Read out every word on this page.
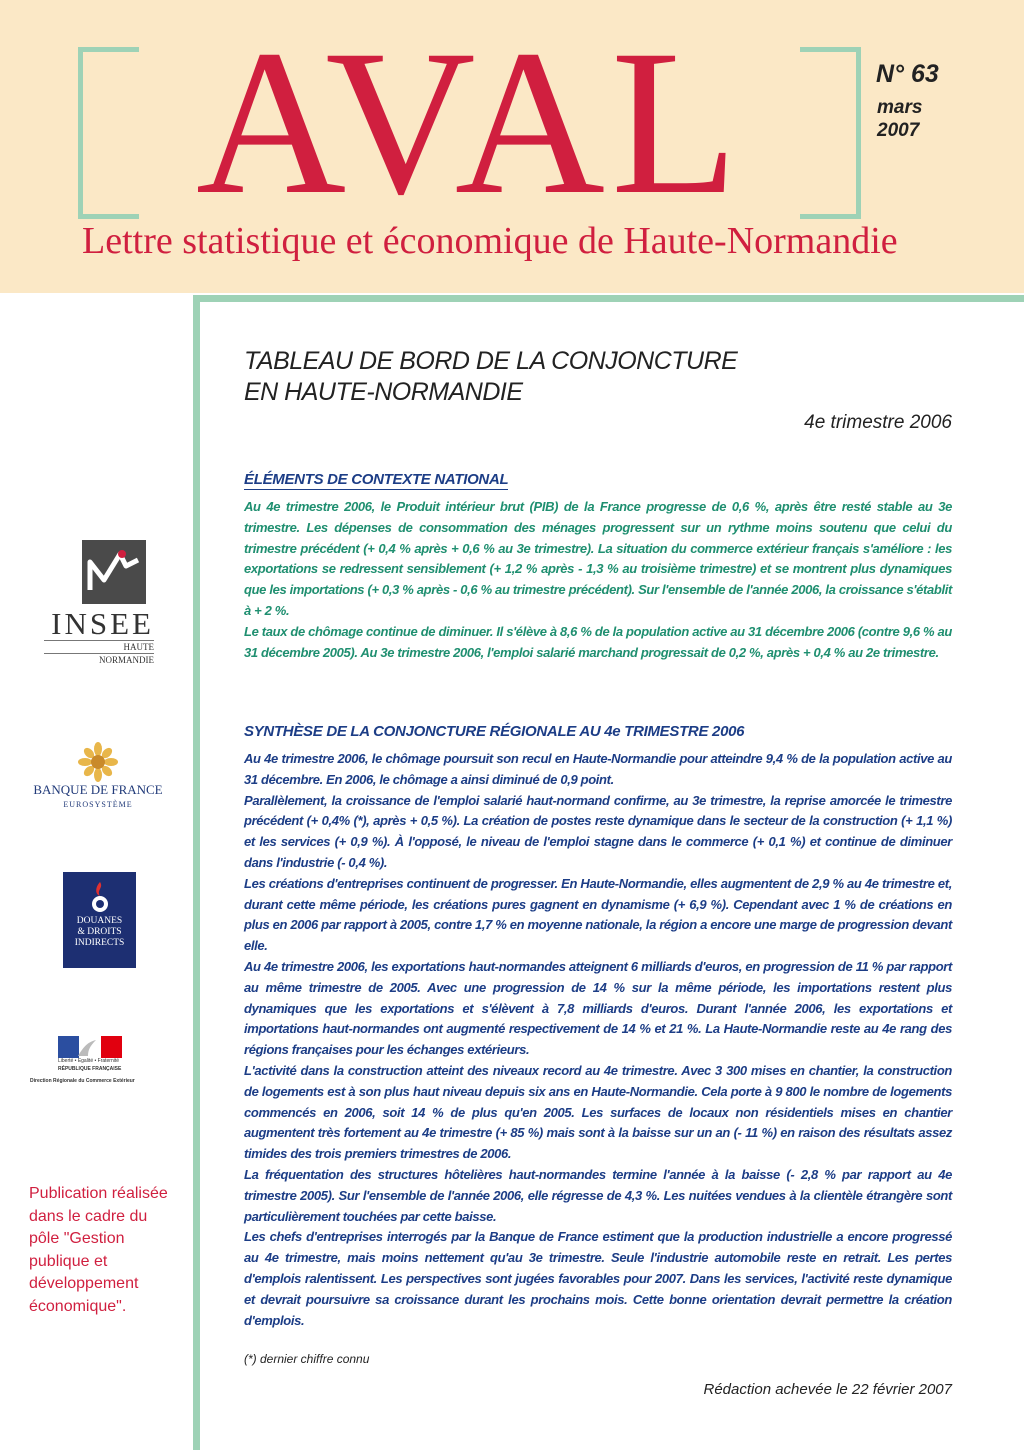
AVAL	N° 63
mars
2007
Lettre statistique et économique de Haute-Normandie
INSEE
HAUTE
NORMANDIE
BANQUE DE FRANCE
EUROSYSTÈME
DOUANES
& DROITS
INDIRECTS
Liberté • Égalité • Fraternité
RÉPUBLIQUE FRANÇAISE
Direction Régionale du Commerce Extérieur
Publication réalisée dans le cadre du pôle "Gestion publique et développement économique".
TABLEAU DE BORD DE LA CONJONCTURE
EN HAUTE-NORMANDIE
4e trimestre 2006
ÉLÉMENTS DE CONTEXTE NATIONAL

Au 4e trimestre 2006, le Produit intérieur brut (PIB) de la France progresse de 0,6 %, après être resté stable au 3e trimestre. Les dépenses de consommation des ménages progressent sur un rythme moins soutenu que celui du trimestre précédent (+ 0,4 % après + 0,6 % au 3e trimestre). La situation du commerce extérieur français s'améliore : les exportations se redressent sensiblement (+ 1,2 % après - 1,3 % au troisième trimestre) et se montrent plus dynamiques que les importations (+ 0,3 % après - 0,6 % au trimestre précédent). Sur l'ensemble de l'année 2006, la croissance s'établit à + 2 %.

Le taux de chômage continue de diminuer. Il s'élève à 8,6 % de la population active au 31 décembre 2006 (contre 9,6 % au 31 décembre 2005). Au 3e trimestre 2006, l'emploi salarié marchand progressait de 0,2 %, après + 0,4 % au 2e trimestre.

SYNTHÈSE DE LA CONJONCTURE RÉGIONALE AU 4e TRIMESTRE 2006

Au 4e trimestre 2006, le chômage poursuit son recul en Haute-Normandie pour atteindre 9,4 % de la population active au 31 décembre. En 2006, le chômage a ainsi diminué de 0,9 point.

Parallèlement, la croissance de l'emploi salarié haut-normand confirme, au 3e trimestre, la reprise amorcée le trimestre précédent (+ 0,4% (*), après + 0,5 %). La création de postes reste dynamique dans le secteur de la construction (+ 1,1 %) et les services (+ 0,9 %). À l'opposé, le niveau de l'emploi stagne dans le commerce (+ 0,1 %) et continue de diminuer dans l'industrie (- 0,4 %).

Les créations d'entreprises continuent de progresser. En Haute-Normandie, elles augmentent de 2,9 % au 4e trimestre et, durant cette même période, les créations pures gagnent en dynamisme (+ 6,9 %). Cependant avec 1 % de créations en plus en 2006 par rapport à 2005, contre 1,7 % en moyenne nationale, la région a encore une marge de progression devant elle.

Au 4e trimestre 2006, les exportations haut-normandes atteignent 6 milliards d'euros, en progression de 11 % par rapport au même trimestre de 2005. Avec une progression de 14 % sur la même période, les importations restent plus dynamiques que les exportations et s'élèvent à 7,8 milliards d'euros. Durant l'année 2006, les exportations et importations haut-normandes ont augmenté respectivement de 14 % et 21 %. La Haute-Normandie reste au 4e rang des régions françaises pour les échanges extérieurs.

L'activité dans la construction atteint des niveaux record au 4e trimestre. Avec 3 300 mises en chantier, la construction de logements est à son plus haut niveau depuis six ans en Haute-Normandie. Cela porte à 9 800 le nombre de logements commencés en 2006, soit 14 % de plus qu'en 2005. Les surfaces de locaux non résidentiels mises en chantier augmentent très fortement au 4e trimestre (+ 85 %) mais sont à la baisse sur un an (- 11 %) en raison des résultats assez timides des trois premiers trimestres de 2006.

La fréquentation des structures hôtelières haut-normandes termine l'année à la baisse (- 2,8 % par rapport au 4e trimestre 2005). Sur l'ensemble de l'année 2006, elle régresse de 4,3 %. Les nuitées vendues à la clientèle étrangère sont particulièrement touchées par cette baisse.

Les chefs d'entreprises interrogés par la Banque de France estiment que la production industrielle a encore progressé au 4e trimestre, mais moins nettement qu'au 3e trimestre. Seule l'industrie automobile reste en retrait. Les pertes d'emplois ralentissent. Les perspectives sont jugées favorables pour 2007. Dans les services, l'activité reste dynamique et devrait poursuivre sa croissance durant les prochains mois. Cette bonne orientation devrait permettre la création d'emplois.

(*) dernier chiffre connu
Rédaction achevée le 22 février 2007
